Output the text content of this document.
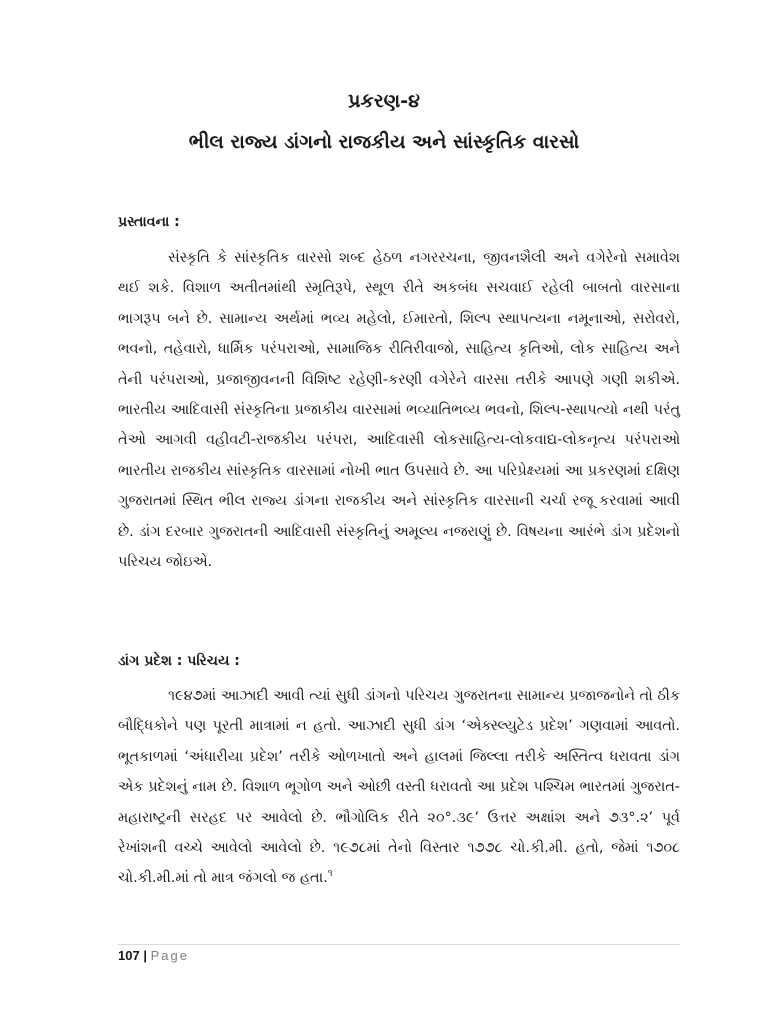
પ્રકરણ-૪
ભીલ રાજ્ય ડાંગનો રાજકીય અને સાંસ્કૃતિક વારસો
પ્રસ્તાવના :

સંસ્કૃતિ કે સાંસ્કૃતિક વારસો શબ્દ હેઠળ નગરરચના, જીવનશૈલી અને વગેરેનો સમાવેશ થઈ શકે. વિશાળ અતીતમાંથી સ્મૃતિરૂપે, સ્થૂળ રીતે અકબંધ સચવાઈ રહેલી બાબતો વારસાના ભાગરૂપ બને છે. સામાન્ય અર્થમાં ભવ્ય મહેલો, ઈમારતો, શિલ્પ સ્થાપત્યના નમૂનાઓ, સરોવરો, ભવનો, તહેવારો, ધાર્મિક પરંપરાઓ, સામાજિક રીતિરીવાજો, સાહિત્ય કૃતિઓ, લોક સાહિત્ય અને તેની પરંપરાઓ, પ્રજાજીવનની વિશિષ્ટ રહેણી-કરણી વગેરેને વારસા તરીકે આપણે ગણી શકીએ. ભારતીય આદિવાસી સંસ્કૃતિના પ્રજાકીય વારસામાં ભવ્યાતિભવ્ય ભવનો, શિલ્પ-સ્થાપત્યો નથી પરંતુ તેઓ આગવી વહીવટી-રાજકીય પરંપરા, આદિવાસી લોકસાહિત્ય-લોકવાદ્ય-લોકનૃત્ય પરંપરાઓ ભારતીય રાજકીય સાંસ્કૃતિક વારસામાં નોખી ભાત ઉપસાવે છે. આ પરિપ્રેક્ષ્યમાં આ પ્રકરણમાં દક્ષિણ ગુજરાતમાં સ્થિત ભીલ રાજ્ય ડાંગના રાજકીય અને સાંસ્કૃતિક વારસાની ચર્ચા રજૂ કરવામાં આવી છે. ડાંગ દરબાર ગુજરાતની આદિવાસી સંસ્કૃતિનું અમૂલ્ય નજરાણું છે. વિષયના આરંભે ડાંગ પ્રદેશનો પરિચય જોઇએ.

ડાંગ પ્રદેશ : પરિચય :

૧૯૪૭માં આઝાદી આવી ત્યાં સુધી ડાંગનો પરિચય ગુજરાતના સામાન્ય પ્રજાજનોને તો ઠીક બૌદ્ધિકોને પણ પૂરતી માત્રામાં ન હતો. આઝાદી સુધી ડાંગ ‘એક્સ્લ્યુટેડ પ્રદેશ’ ગણવામાં આવતો. ભૂતકાળમાં ‘અંધારીયા પ્રદેશ’ તરીકે ઓળખાતો અને હાલમાં જિલ્લા તરીકે અસ્તિત્વ ધરાવતા ડાંગ એક પ્રદેશનું નામ છે. વિશાળ ભૂગોળ અને ઓછી વસ્તી ધરાવતો આ પ્રદેશ પશ્ચિમ ભારતમાં ગુજરાત-મહારાષ્ટ્રની સરહદ પર આવેલો છે. ભૌગોલિક રીતે ૨૦°.૩૯’ ઉત્તર અક્ષાંશ અને ૭૩°.૨’ પૂર્વ રેખાંશની વચ્ચે આવેલો આવેલો છે. ૧૯૭૮માં તેનો વિસ્તાર ૧૭૭૮ ચો.કી.મી. હતો, જેમાં ૧૭૦૮ ચો.કી.મી.માં તો માત્ર જંગલો જ હતા.$^૧$

107 | Page
